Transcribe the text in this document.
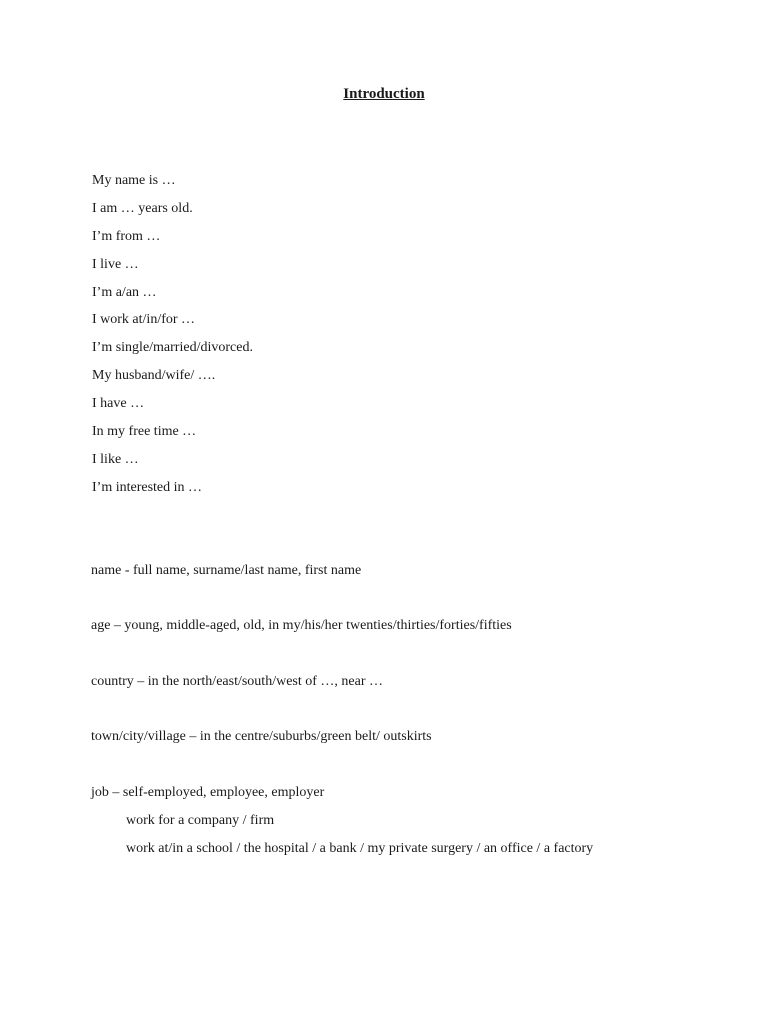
Introduction
My name is …
I am … years old.
I’m from …
I live …
I’m a/an …
I work at/in/for …
I’m single/married/divorced.
My husband/wife/ ….
I have …
In my free time …
I like …
I’m interested in …

name - full name, surname/last name, first name

age – young, middle-aged, old, in my/his/her twenties/thirties/forties/fifties

country – in the north/east/south/west of …, near …

town/city/village – in the centre/suburbs/green belt/ outskirts

job – self-employed, employee, employer

work for a company / firm

work at/in a school / the hospital / a bank / my private surgery / an office / a factory
